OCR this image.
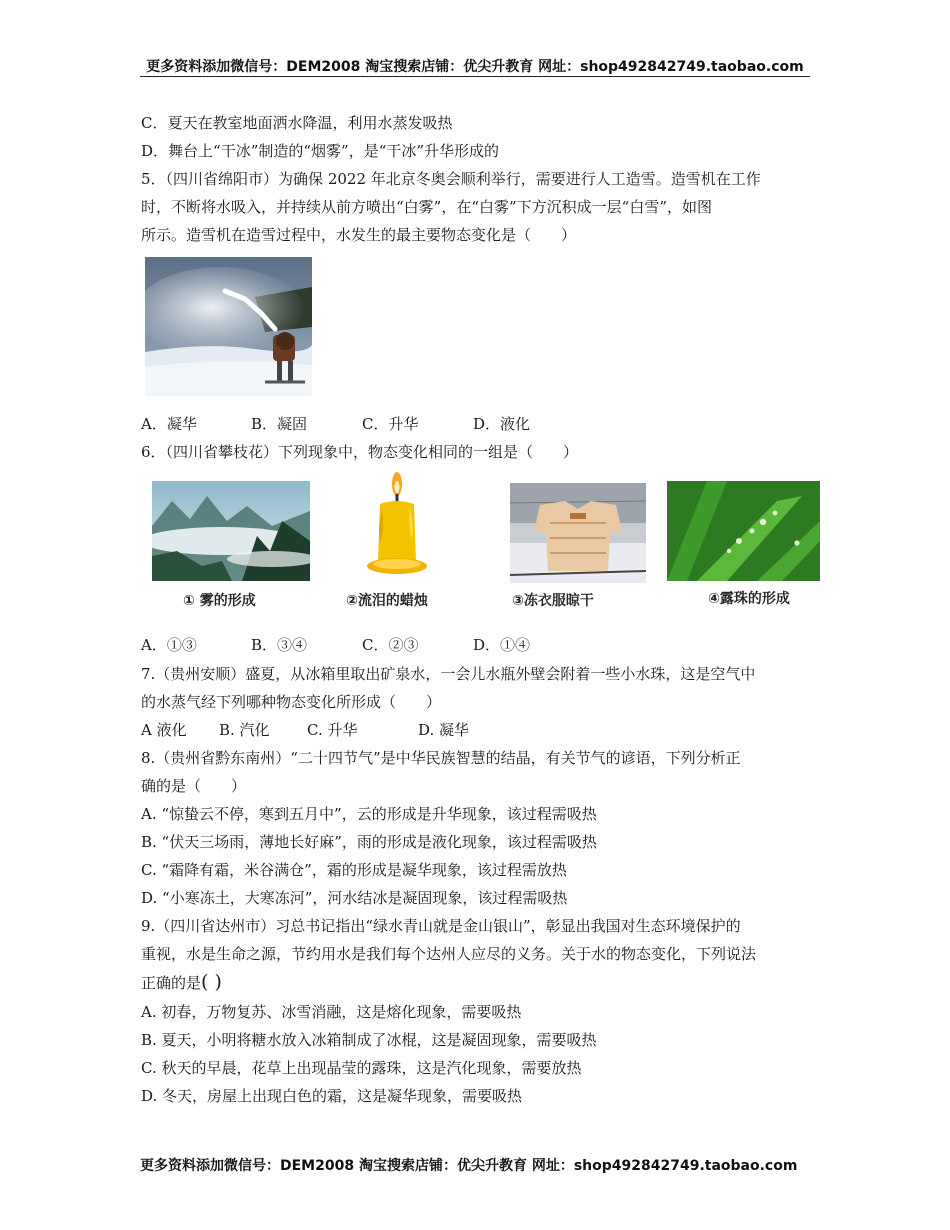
更多资料添加微信号：DEM2008 淘宝搜索店铺：优尖升教育 网址：shop492842749.taobao.com
C．夏天在教室地面洒水降温，利用水蒸发吸热
D．舞台上“干冰”制造的“烟雾”，是“干冰”升华形成的
5．（四川省绵阳市）为确保 2022 年北京冬奥会顺利举行，需要进行人工造雪。造雪机在工作
时，不断将水吸入，并持续从前方喷出“白雾”，在“白雾”下方沉积成一层“白雪”，如图
所示。造雪机在造雪过程中，水发生的最主要物态变化是（　　）
A．凝华	B．凝固	C．升华	D．液化
6．（四川省攀枝花）下列现象中，物态变化相同的一组是（　　）
① 雾的形成	②流泪的蜡烛	③冻衣服晾干	④露珠的形成
A．①③	B．③④	C．②③	D．①④
7.（贵州安顺）盛夏，从冰箱里取出矿泉水，一会儿水瓶外壁会附着一些小水珠，这是空气中
的水蒸气经下列哪种物态变化所形成（　　）
A 液化 B. 汽化 C. 升华	D. 凝华
8.（贵州省黔东南州）“二十四节气”是中华民族智慧的结晶，有关节气的谚语，下列分析正
确的是（　　）
A. “惊蛰云不停，寒到五月中”，云的形成是升华现象，该过程需吸热
B. “伏天三场雨，薄地长好麻”，雨的形成是液化现象，该过程需吸热
C. “霜降有霜，米谷满仓”，霜的形成是凝华现象，该过程需放热
D. “小寒冻土，大寒冻河”，河水结冰是凝固现象，该过程需吸热
9.（四川省达州市）习总书记指出“绿水青山就是金山银山”，彰显出我国对生态环境保护的
重视，水是生命之源，节约用水是我们每个达州人应尽的义务。关于水的物态变化，下列说法
正确的是( )
A. 初春，万物复苏、冰雪消融，这是熔化现象，需要吸热
B. 夏天，小明将糖水放入冰箱制成了冰棍，这是凝固现象，需要吸热
C. 秋天的早晨，花草上出现晶莹的露珠，这是汽化现象，需要放热
D. 冬天，房屋上出现白色的霜，这是凝华现象，需要吸热
更多资料添加微信号：DEM2008 淘宝搜索店铺：优尖升教育 网址：shop492842749.taobao.com
